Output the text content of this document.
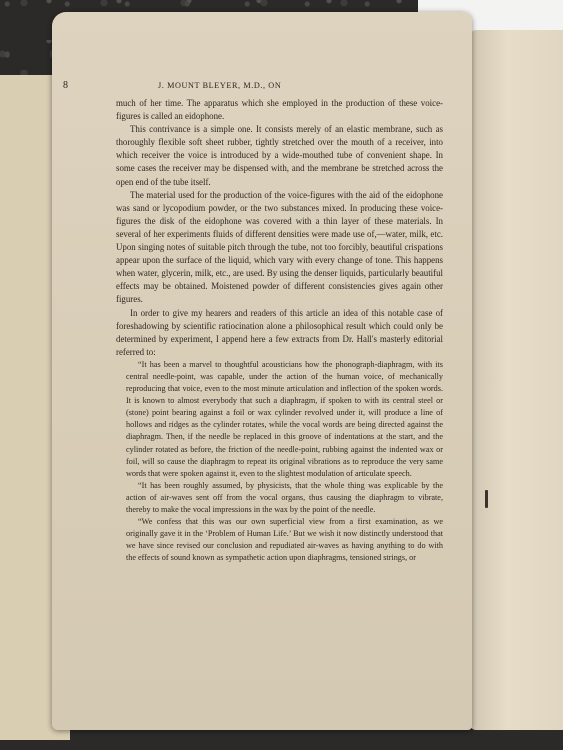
8	J. MOUNT BLEYER, M.D., ON

much of her time. The apparatus which she employed in the production of these voice-figures is called an eidophone.

This contrivance is a simple one. It consists merely of an elastic membrane, such as thoroughly flexible soft sheet rubber, tightly stretched over the mouth of a receiver, into which receiver the voice is introduced by a wide-mouthed tube of convenient shape. In some cases the receiver may be dispensed with, and the membrane be stretched across the open end of the tube itself.

The material used for the production of the voice-figures with the aid of the eidophone was sand or lycopodium powder, or the two substances mixed. In producing these voice-figures the disk of the eidophone was covered with a thin layer of these materials. In several of her experiments fluids of different densities were made use of,—water, milk, etc. Upon singing notes of suitable pitch through the tube, not too forcibly, beautiful crispations appear upon the surface of the liquid, which vary with every change of tone. This happens when water, glycerin, milk, etc., are used. By using the denser liquids, particularly beautiful effects may be obtained. Moistened powder of different consistencies gives again other figures.

In order to give my hearers and readers of this article an idea of this notable case of foreshadowing by scientific ratiocination alone a philosophical result which could only be determined by experiment, I append here a few extracts from Dr. Hall's masterly editorial referred to:

“It has been a marvel to thoughtful acousticians how the phonograph-diaphragm, with its central needle-point, was capable, under the action of the human voice, of mechanically reproducing that voice, even to the most minute articulation and inflection of the spoken words. It is known to almost everybody that such a diaphragm, if spoken to with its central steel or (stone) point bearing against a foil or wax cylinder revolved under it, will produce a line of hollows and ridges as the cylinder rotates, while the vocal words are being directed against the diaphragm. Then, if the needle be replaced in this groove of indentations at the start, and the cylinder rotated as before, the friction of the needle-point, rubbing against the indented wax or foil, will so cause the diaphragm to repeat its original vibrations as to reproduce the very same words that were spoken against it, even to the slightest modulation of articulate speech.

“It has been roughly assumed, by physicists, that the whole thing was explicable by the action of air-waves sent off from the vocal organs, thus causing the diaphragm to vibrate, thereby to make the vocal impressions in the wax by the point of the needle.

“We confess that this was our own superficial view from a first examination, as we originally gave it in the ‘Problem of Human Life.’ But we wish it now distinctly understood that we have since revised our conclusion and repudiated air-waves as having anything to do with the effects of sound known as sympathetic action upon diaphragms, tensioned strings, or
